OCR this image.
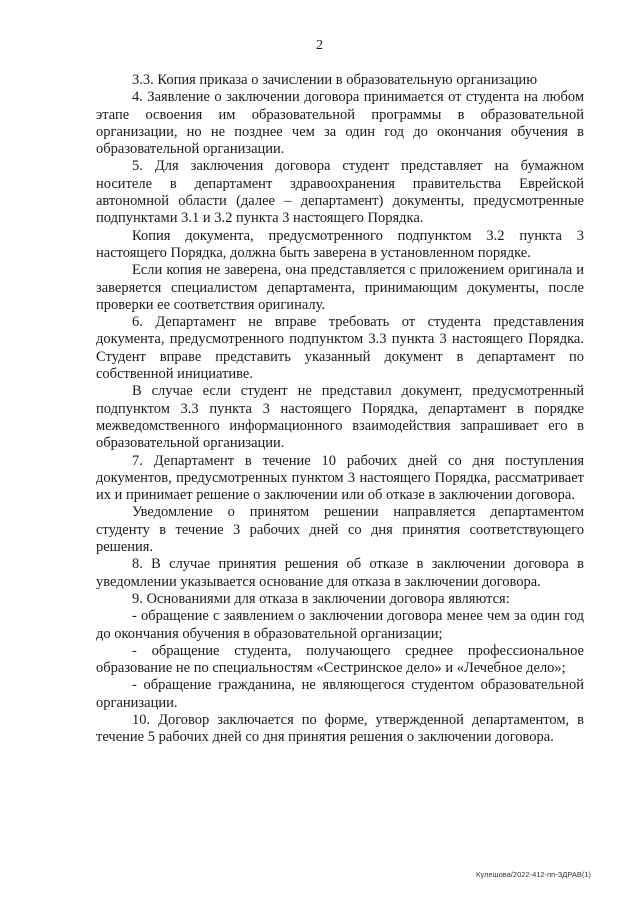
2

3.3. Копия приказа о зачислении в образовательную организацию

4. Заявление о заключении договора принимается от студента на любом этапе освоения им образовательной программы в образовательной организации, но не позднее чем за один год до окончания обучения в образовательной организации.

5. Для заключения договора студент представляет на бумажном носителе в департамент здравоохранения правительства Еврейской автономной области (далее – департамент) документы, предусмотренные подпунктами 3.1 и 3.2 пункта 3 настоящего Порядка.

Копия документа, предусмотренного подпунктом 3.2 пункта 3 настоящего Порядка, должна быть заверена в установленном порядке.

Если копия не заверена, она представляется с приложением оригинала и заверяется специалистом департамента, принимающим документы, после проверки ее соответствия оригиналу.

6. Департамент не вправе требовать от студента представления документа, предусмотренного подпунктом 3.3 пункта 3 настоящего Порядка. Студент вправе представить указанный документ в департамент по собственной инициативе.

В случае если студент не представил документ, предусмотренный подпунктом 3.3 пункта 3 настоящего Порядка, департамент в порядке межведомственного информационного взаимодействия запрашивает его в образовательной организации.

7. Департамент в течение 10 рабочих дней со дня поступления документов, предусмотренных пунктом 3 настоящего Порядка, рассматривает их и принимает решение о заключении или об отказе в заключении договора.

Уведомление о принятом решении направляется департаментом студенту в течение 3 рабочих дней со дня принятия соответствующего решения.

8. В случае принятия решения об отказе в заключении договора в уведомлении указывается основание для отказа в заключении договора.

9. Основаниями для отказа в заключении договора являются:

- обращение с заявлением о заключении договора менее чем за один год до окончания обучения в образовательной организации;

- обращение студента, получающего среднее профессиональное образование не по специальностям «Сестринское дело» и «Лечебное дело»;

- обращение гражданина, не являющегося студентом образовательной организации.

10. Договор заключается по форме, утвержденной департаментом, в течение 5 рабочих дней со дня принятия решения о заключении договора.

Кулешова/2022-412-пп-ЗДРАВ(1)
